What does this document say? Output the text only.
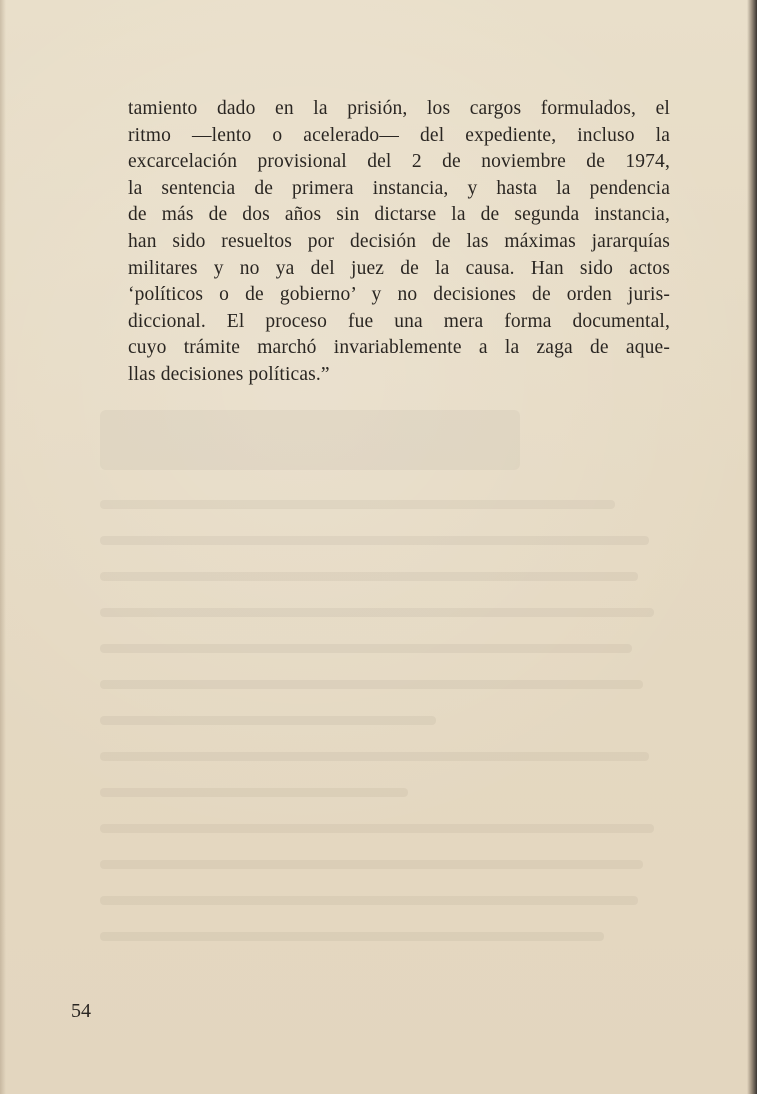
tamiento dado en la prisión, los cargos formulados, el
ritmo —lento o acelerado— del expediente, incluso la
excarcelación provisional del 2 de noviembre de 1974,
la sentencia de primera instancia, y hasta la pendencia
de más de dos años sin dictarse la de segunda instancia,
han sido resueltos por decisión de las máximas jararquías
militares y no ya del juez de la causa. Han sido actos
‘políticos o de gobierno’ y no decisiones de orden juris-
diccional. El proceso fue una mera forma documental,
cuyo trámite marchó invariablemente a la zaga de aque-
llas decisiones políticas.”
54
